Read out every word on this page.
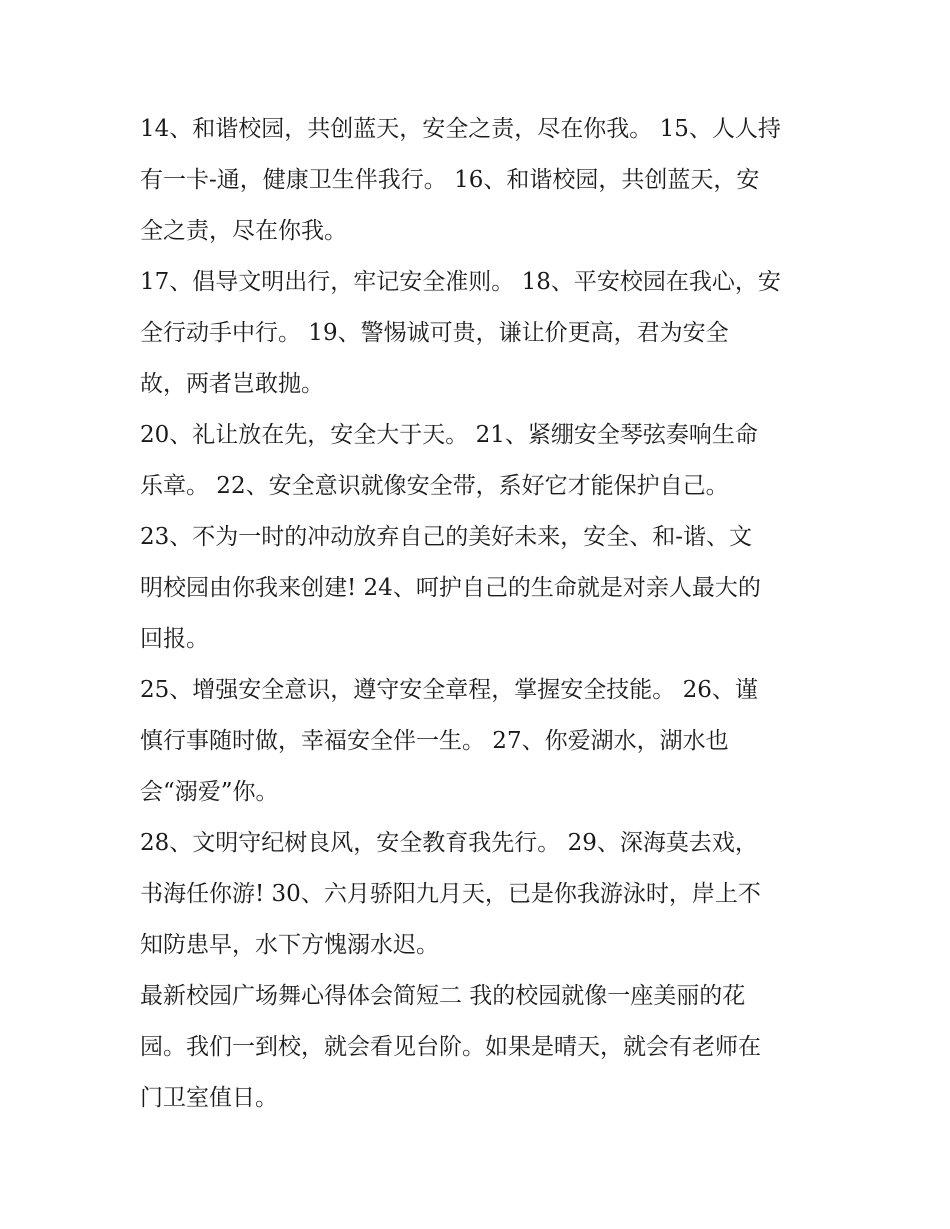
14、和谐校园，共创蓝天，安全之责，尽在你我。 15、人人持
有一卡-通，健康卫生伴我行。 16、和谐校园，共创蓝天，安
全之责，尽在你我。
17、倡导文明出行，牢记安全准则。 18、平安校园在我心，安
全行动手中行。 19、警惕诚可贵，谦让价更高，君为安全
故，两者岂敢抛。
20、礼让放在先，安全大于天。 21、紧绷安全琴弦奏响生命
乐章。 22、安全意识就像安全带，系好它才能保护自己。
23、不为一时的冲动放弃自己的美好未来，安全、和-谐、文
明校园由你我来创建! 24、呵护自己的生命就是对亲人最大的
回报。
25、增强安全意识，遵守安全章程，掌握安全技能。 26、谨
慎行事随时做，幸福安全伴一生。 27、你爱湖水，湖水也
会“溺爱”你。
28、文明守纪树良风，安全教育我先行。 29、深海莫去戏，
书海任你游! 30、六月骄阳九月天，已是你我游泳时，岸上不
知防患早，水下方愧溺水迟。
最新校园广场舞心得体会简短二 我的校园就像一座美丽的花
园。我们一到校，就会看见台阶。如果是晴天，就会有老师在
门卫室值日。
